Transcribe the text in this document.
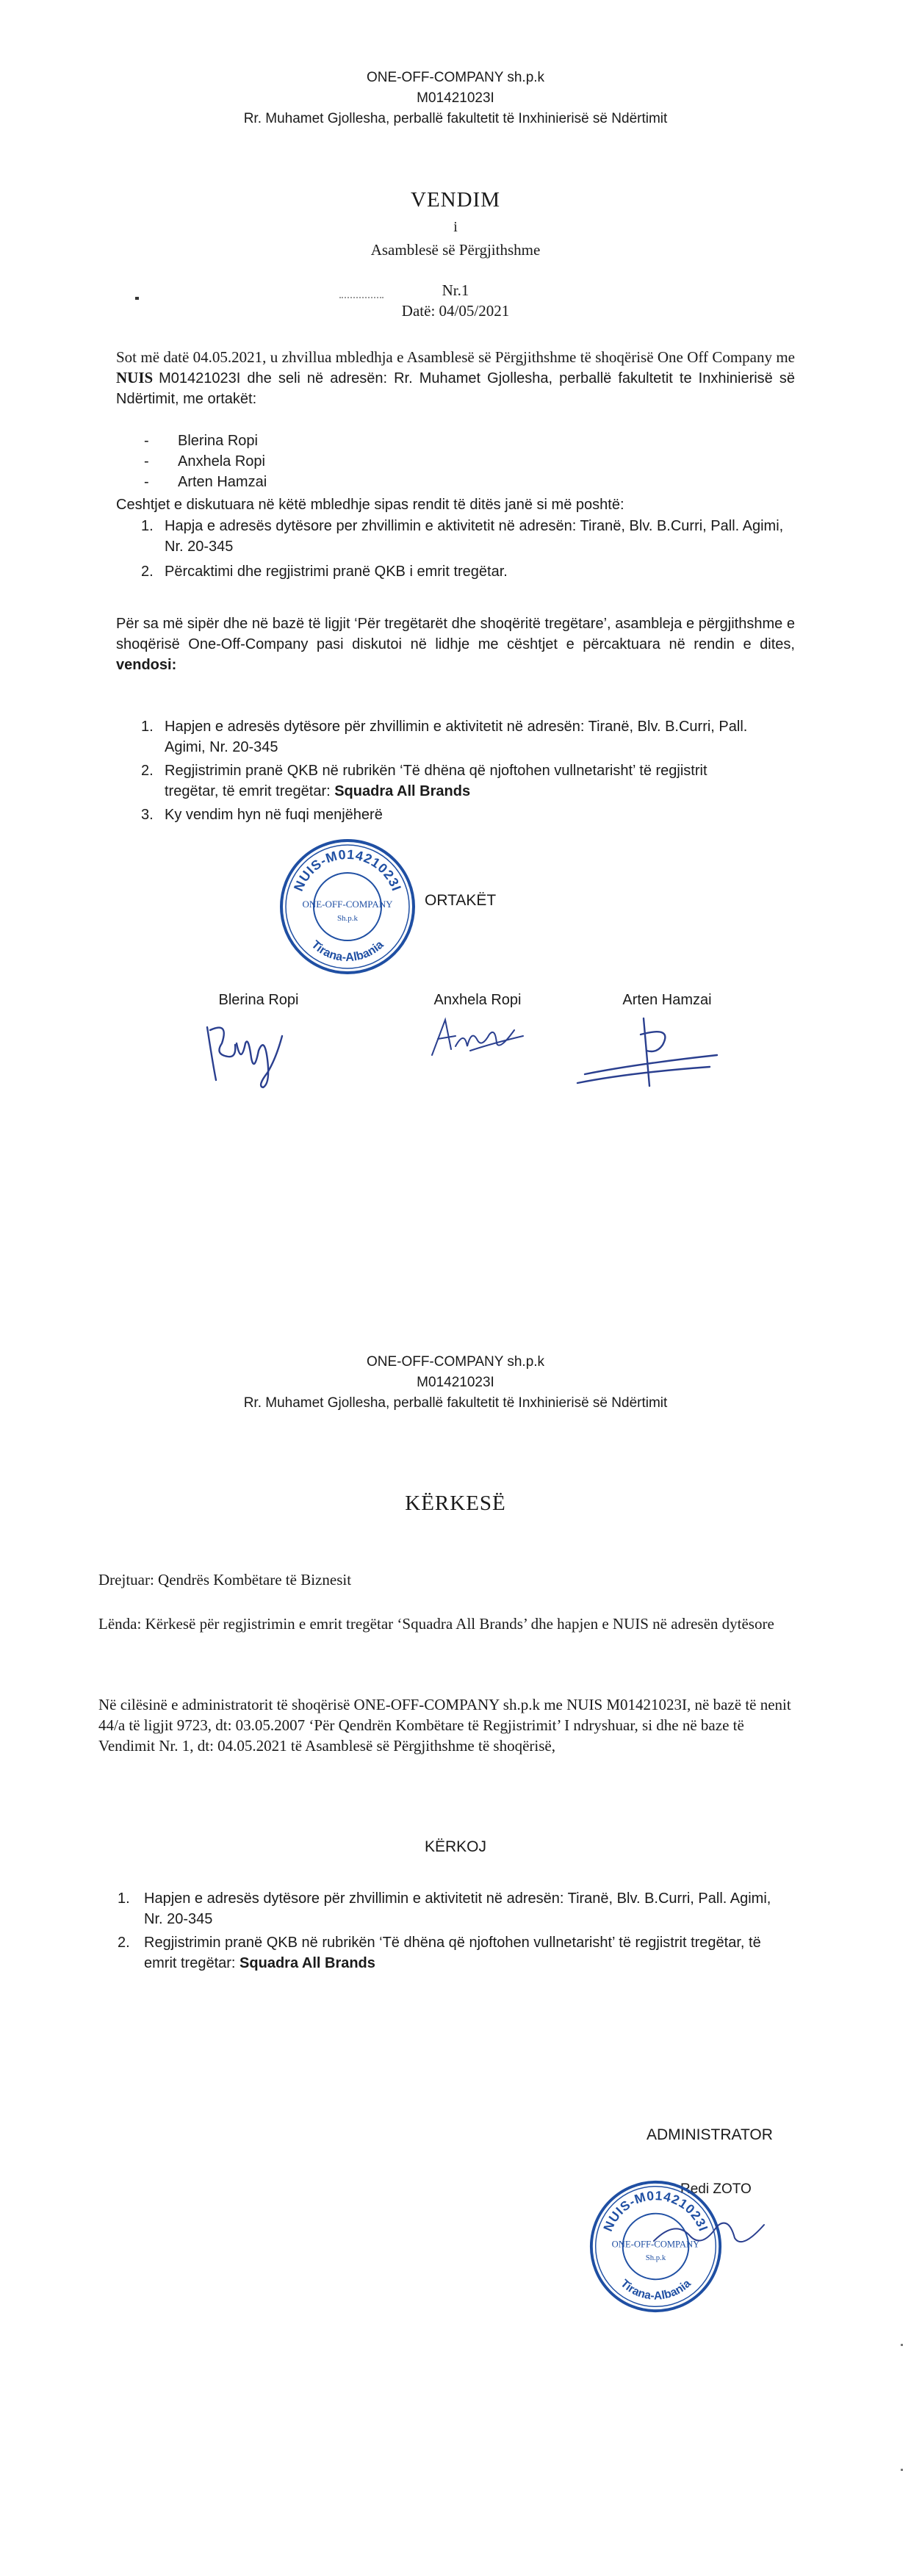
ONE-OFF-COMPANY sh.p.k
M01421023I
Rr. Muhamet Gjollesha, perballë fakultetit të Inxhinierisë së Ndërtimit
VENDIM
i
Asamblesë së Përgjithshme
Nr.1
Datë: 04/05/2021
Sot më datë 04.05.2021, u zhvillua mbledhja e Asamblesë së Përgjithshme të shoqërisë One Off Company me NUIS M01421023I dhe seli në adresën: Rr. Muhamet Gjollesha, perballë fakultetit te Inxhinierisë së Ndërtimit, me ortakët:
- Blerina Ropi
- Anxhela Ropi
- Arten Hamzai
Ceshtjet e diskutuara në këtë mbledhje sipas rendit të ditës janë si më poshtë:
Hapja e adresës dytësore per zhvillimin e aktivitetit në adresën: Tiranë, Blv. B.Curri, Pall. Agimi, Nr. 20-345
Përcaktimi dhe regjistrimi pranë QKB i emrit tregëtar.
Për sa më sipër dhe në bazë të ligjit ‘Për tregëtarët dhe shoqëritë tregëtare’, asambleja e përgjithshme e shoqërisë One-Off-Company pasi diskutoi në lidhje me cështjet e përcaktuara në rendin e dites, vendosi:
Hapjen e adresës dytësore për zhvillimin e aktivitetit në adresën: Tiranë, Blv. B.Curri, Pall. Agimi, Nr. 20-345
Regjistrimin pranë QKB në rubrikën ‘Të dhëna që njoftohen vullnetarisht’ të regjistrit tregëtar, të emrit tregëtar: Squadra All Brands
Ky vendim hyn në fuqi menjëherë
NUIS-M01421023I
Tirana-Albania
ONE-OFF-COMPANY
Sh.p.k
ORTAKËT
Blerina Ropi	Anxhela Ropi	Arten Hamzai
ONE-OFF-COMPANY sh.p.k
M01421023I
Rr. Muhamet Gjollesha, perballë fakultetit të Inxhinierisë së Ndërtimit
KËRKESË
Drejtuar: Qendrës Kombëtare të Biznesit
Lënda: Kërkesë për regjistrimin e emrit tregëtar ‘Squadra All Brands’ dhe hapjen e NUIS në adresën dytësore
Në cilësinë e administratorit të shoqërisë ONE-OFF-COMPANY sh.p.k me NUIS M01421023I, në bazë të nenit 44/a të ligjit 9723, dt: 03.05.2007 ‘Për Qendrën Kombëtare të Regjistrimit’ I ndryshuar, si dhe në baze të Vendimit Nr. 1, dt: 04.05.2021 të Asamblesë së Përgjithshme të shoqërisë,
KËRKOJ
Hapjen e adresës dytësore për zhvillimin e aktivitetit në adresën: Tiranë, Blv. B.Curri, Pall. Agimi, Nr. 20-345
Regjistrimin pranë QKB në rubrikën ‘Të dhëna që njoftohen vullnetarisht’ të regjistrit tregëtar, të emrit tregëtar: Squadra All Brands
ADMINISTRATOR
Redi ZOTO
NUIS-M01421023I
Tirana-Albania
ONE-OFF-COMPANY
Sh.p.k
